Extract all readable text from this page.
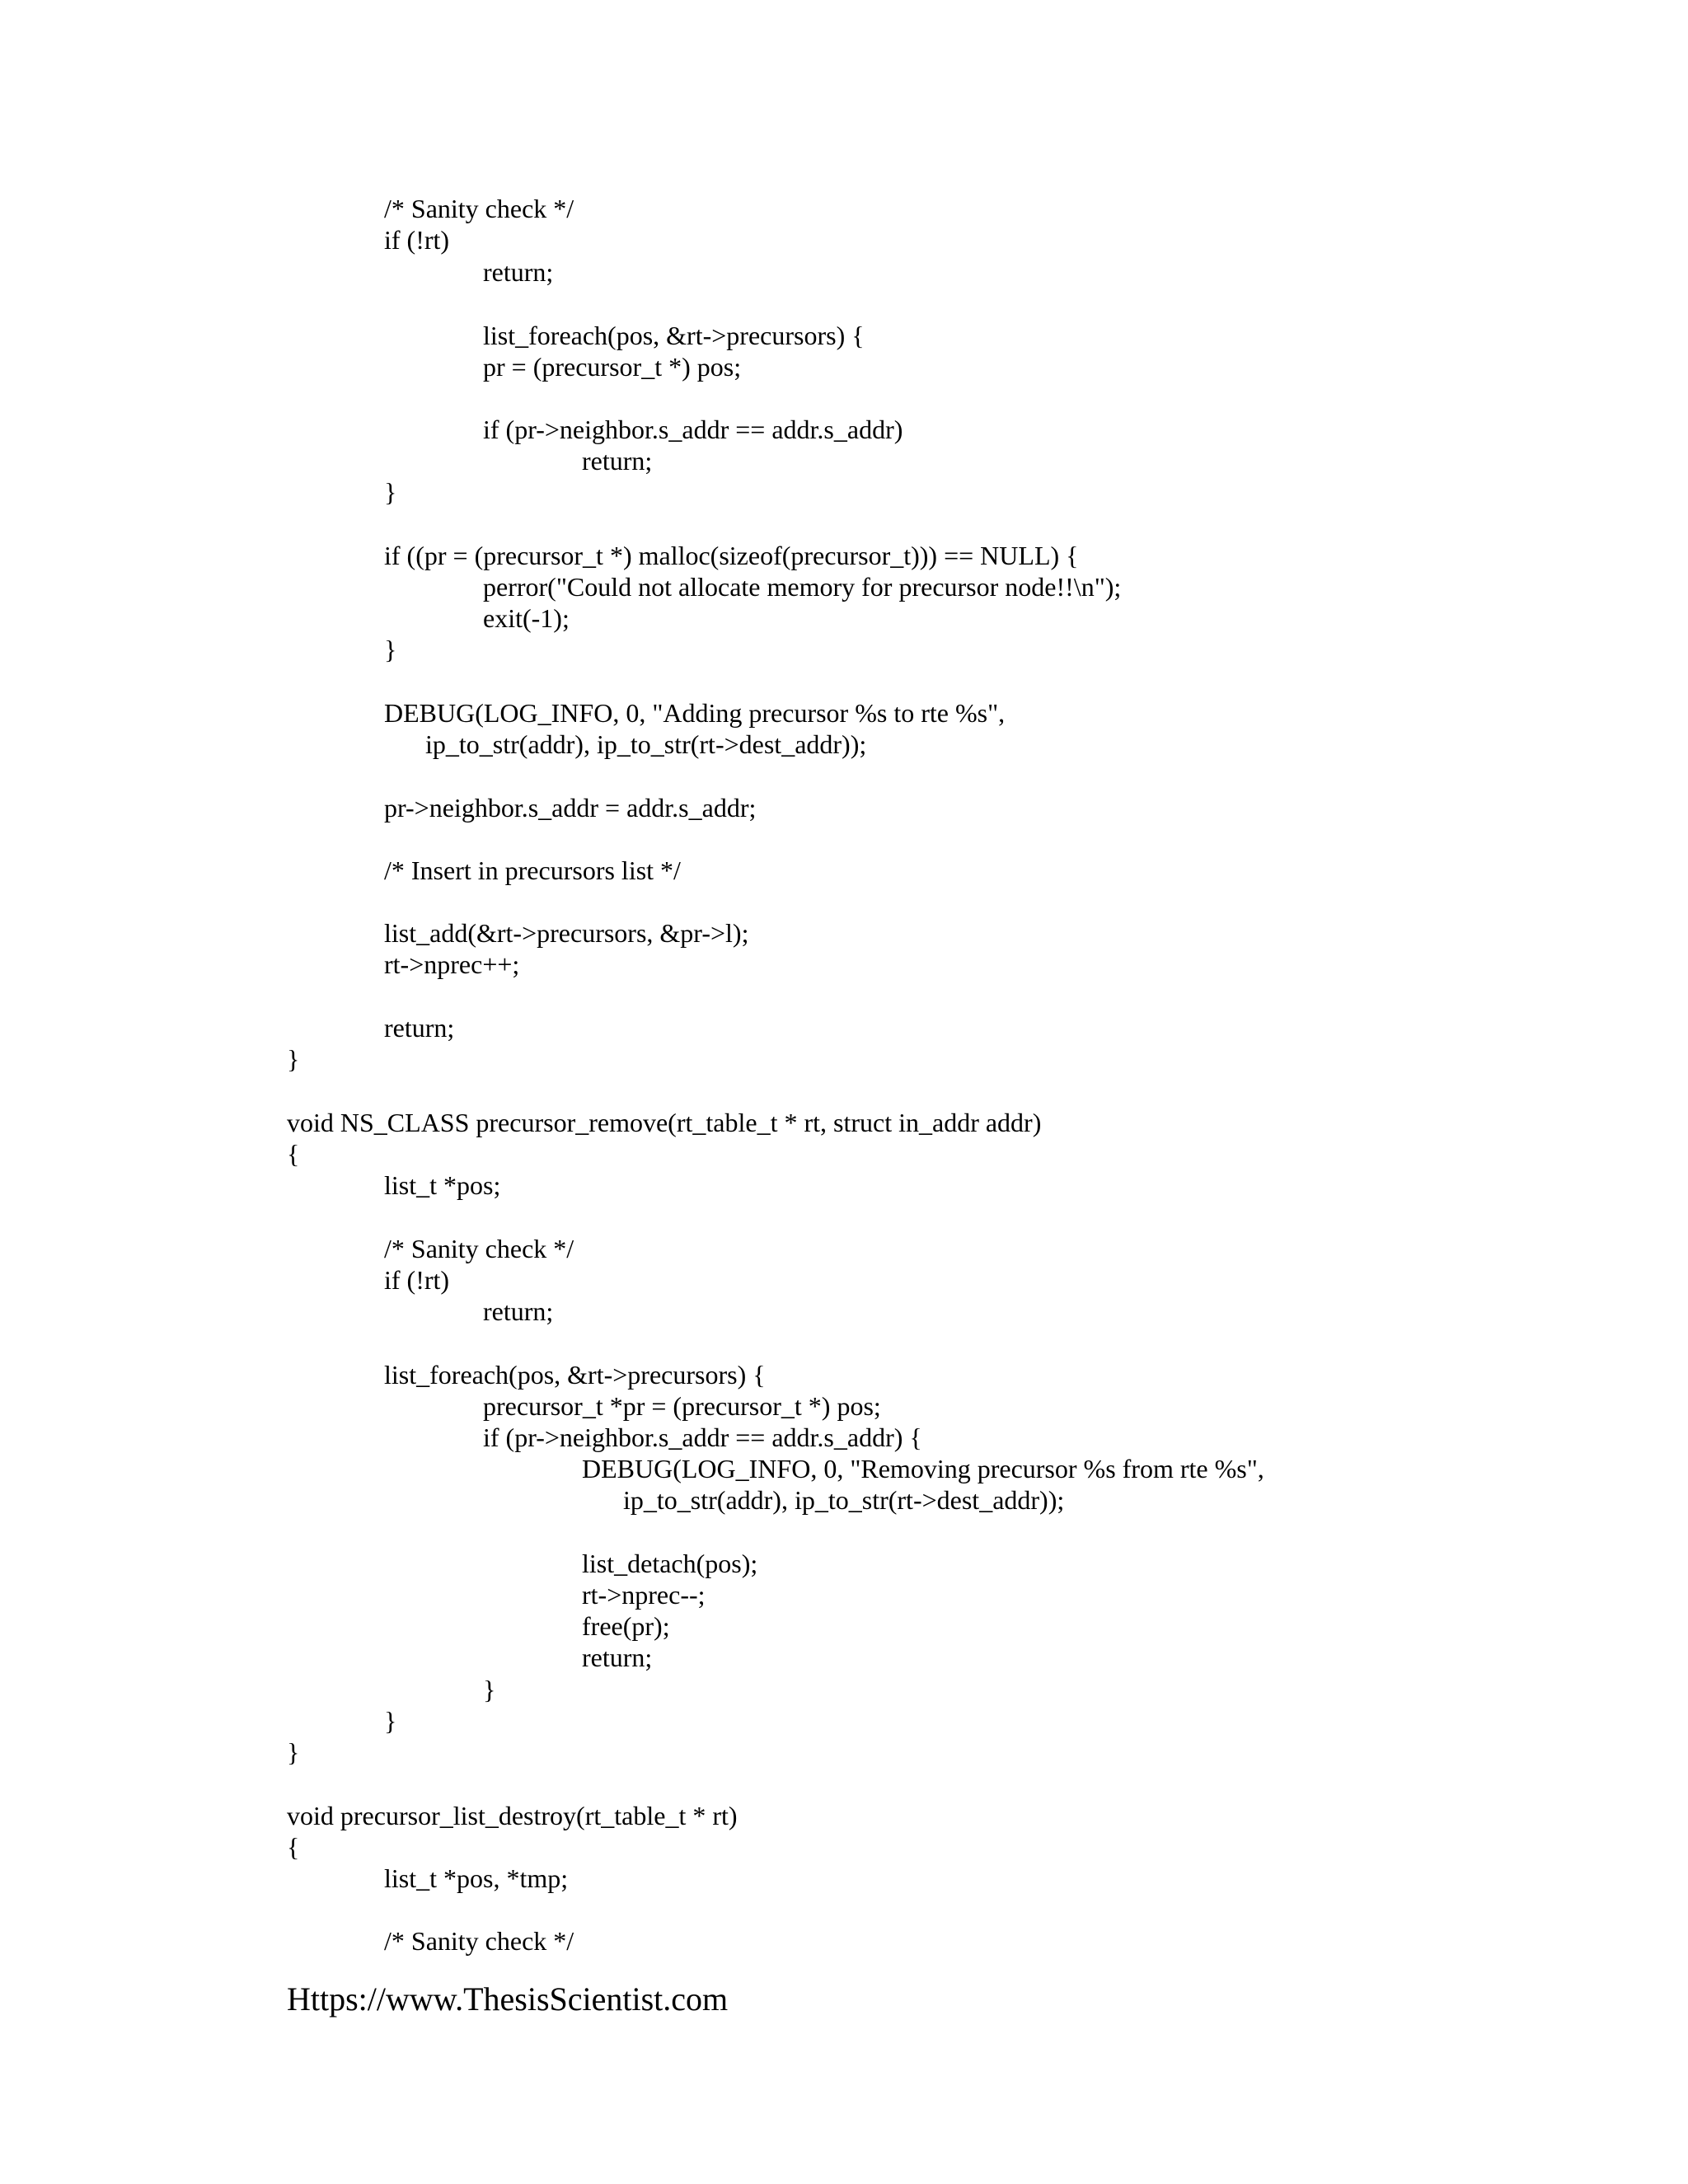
/* Sanity check */
if (!rt)
return;
list_foreach(pos, &rt->precursors) {
pr = (precursor_t *) pos;
if (pr->neighbor.s_addr == addr.s_addr)
return;
}
if ((pr = (precursor_t *) malloc(sizeof(precursor_t))) == NULL) {
perror("Could not allocate memory for precursor node!!\n");
exit(-1);
}
DEBUG(LOG_INFO, 0, "Adding precursor %s to rte %s",
ip_to_str(addr), ip_to_str(rt->dest_addr));
pr->neighbor.s_addr = addr.s_addr;
/* Insert in precursors list */
list_add(&rt->precursors, &pr->l);
rt->nprec++;
return;
}
void NS_CLASS precursor_remove(rt_table_t * rt, struct in_addr addr)
{
list_t *pos;
/* Sanity check */
if (!rt)
return;
list_foreach(pos, &rt->precursors) {
precursor_t *pr = (precursor_t *) pos;
if (pr->neighbor.s_addr == addr.s_addr) {
DEBUG(LOG_INFO, 0, "Removing precursor %s from rte %s",
ip_to_str(addr), ip_to_str(rt->dest_addr));
list_detach(pos);
rt->nprec--;
free(pr);
return;
}
}
}
void precursor_list_destroy(rt_table_t * rt)
{
list_t *pos, *tmp;
/* Sanity check */
Https://www.ThesisScientist.com
